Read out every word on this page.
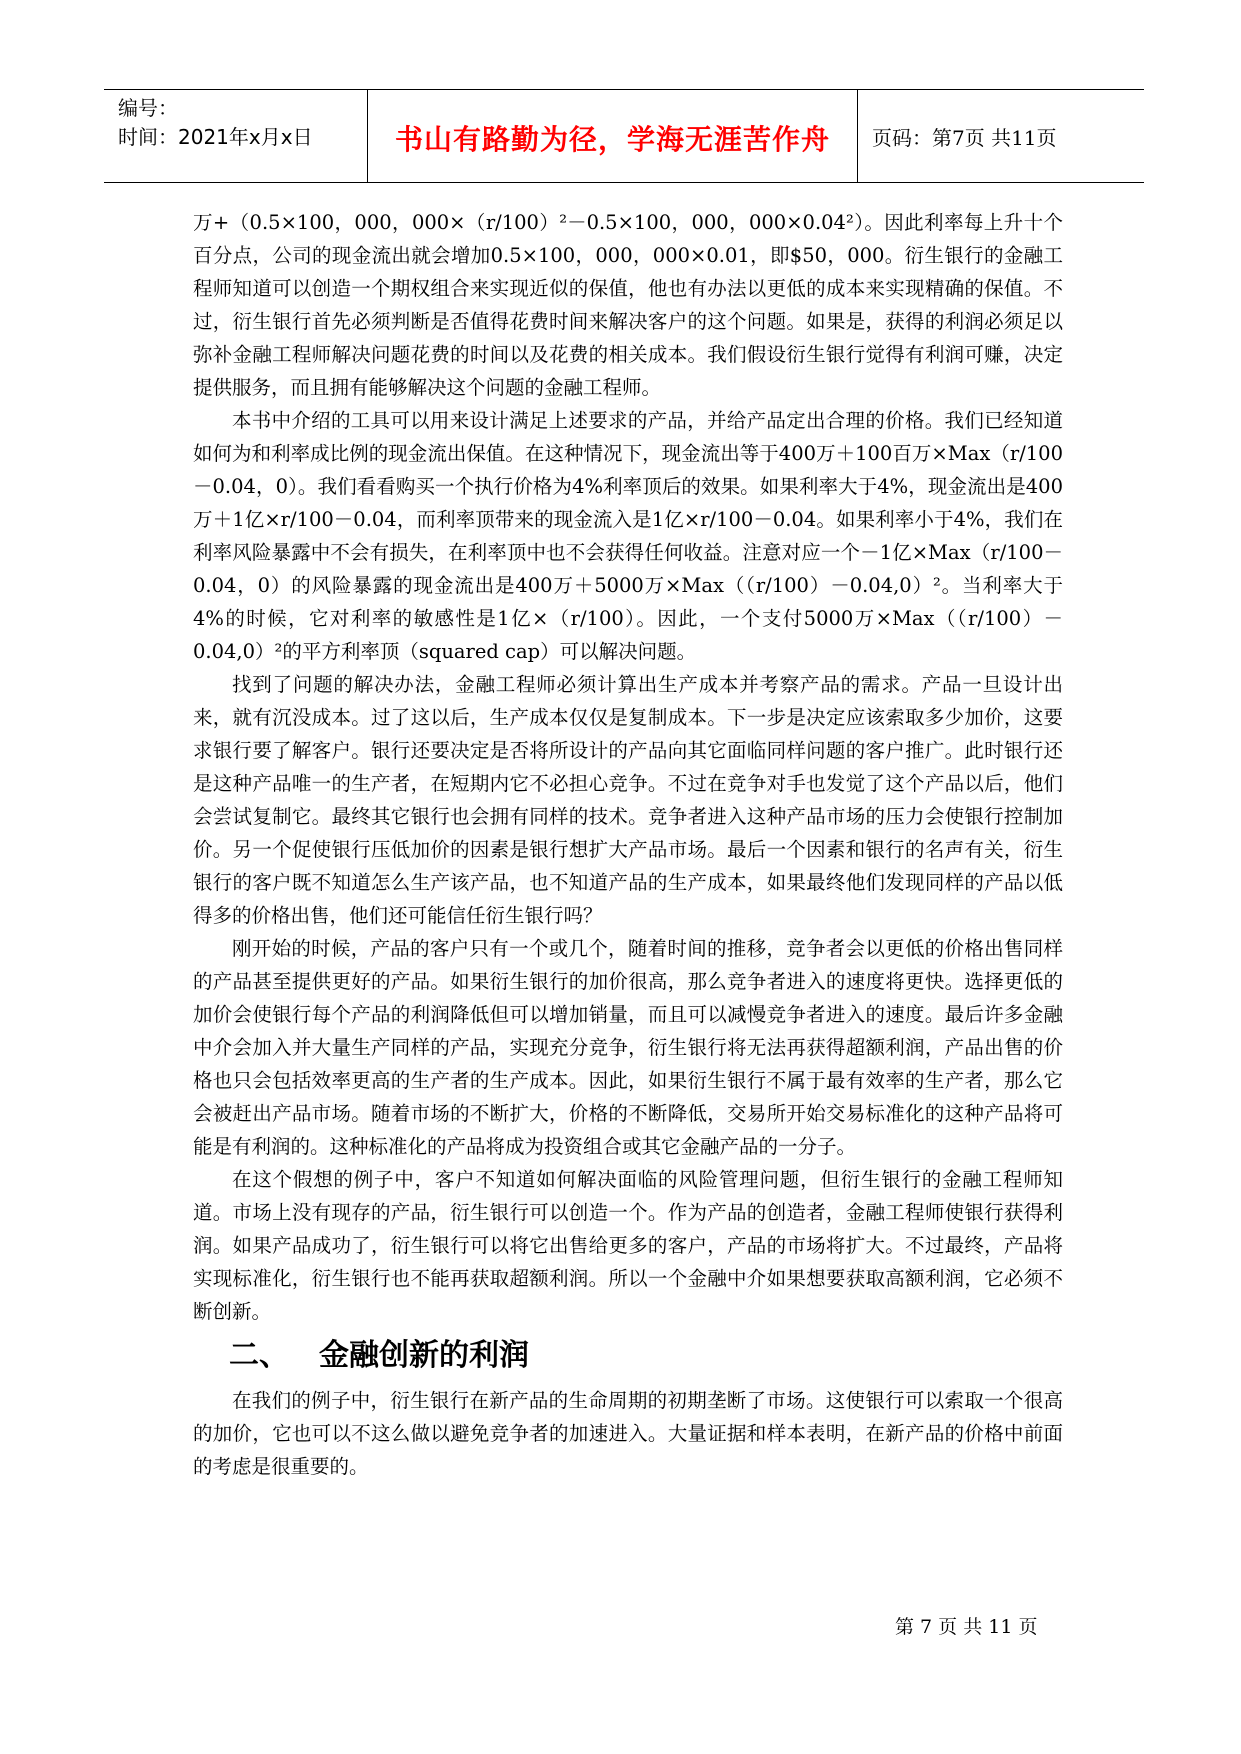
编号：
时间：2021年x月x日	书山有路勤为径，学海无涯苦作舟 页码：第7页 共11页

万+（0.5×100，000，000×（r/100）²－0.5×100，000，000×0.04²）。因此利率每上升十个百分点，公司的现金流出就会增加0.5×100，000，000×0.01，即$50，000。衍生银行的金融工程师知道可以创造一个期权组合来实现近似的保值，他也有办法以更低的成本来实现精确的保值。不过，衍生银行首先必须判断是否值得花费时间来解决客户的这个问题。如果是，获得的利润必须足以弥补金融工程师解决问题花费的时间以及花费的相关成本。我们假设衍生银行觉得有利润可赚，决定提供服务，而且拥有能够解决这个问题的金融工程师。

本书中介绍的工具可以用来设计满足上述要求的产品，并给产品定出合理的价格。我们已经知道如何为和利率成比例的现金流出保值。在这种情况下，现金流出等于400万＋100百万×Max（r/100－0.04，0）。我们看看购买一个执行价格为4%利率顶后的效果。如果利率大于4%，现金流出是400万＋1亿×r/100－0.04，而利率顶带来的现金流入是1亿×r/100－0.04。如果利率小于4%，我们在利率风险暴露中不会有损失，在利率顶中也不会获得任何收益。注意对应一个－1亿×Max（r/100－0.04，0）的风险暴露的现金流出是400万＋5000万×Max（（r/100）－0.04,0）²。当利率大于4%的时候，它对利率的敏感性是1亿×（r/100）。因此，一个支付5000万×Max（（r/100）－0.04,0）²的平方利率顶（squared cap）可以解决问题。

找到了问题的解决办法，金融工程师必须计算出生产成本并考察产品的需求。产品一旦设计出来，就有沉没成本。过了这以后，生产成本仅仅是复制成本。下一步是决定应该索取多少加价，这要求银行要了解客户。银行还要决定是否将所设计的产品向其它面临同样问题的客户推广。此时银行还是这种产品唯一的生产者，在短期内它不必担心竞争。不过在竞争对手也发觉了这个产品以后，他们会尝试复制它。最终其它银行也会拥有同样的技术。竞争者进入这种产品市场的压力会使银行控制加价。另一个促使银行压低加价的因素是银行想扩大产品市场。最后一个因素和银行的名声有关，衍生银行的客户既不知道怎么生产该产品，也不知道产品的生产成本，如果最终他们发现同样的产品以低得多的价格出售，他们还可能信任衍生银行吗？

刚开始的时候，产品的客户只有一个或几个，随着时间的推移，竞争者会以更低的价格出售同样的产品甚至提供更好的产品。如果衍生银行的加价很高，那么竞争者进入的速度将更快。选择更低的加价会使银行每个产品的利润降低但可以增加销量，而且可以减慢竞争者进入的速度。最后许多金融中介会加入并大量生产同样的产品，实现充分竞争，衍生银行将无法再获得超额利润，产品出售的价格也只会包括效率更高的生产者的生产成本。因此，如果衍生银行不属于最有效率的生产者，那么它会被赶出产品市场。随着市场的不断扩大，价格的不断降低，交易所开始交易标准化的这种产品将可能是有利润的。这种标准化的产品将成为投资组合或其它金融产品的一分子。

在这个假想的例子中，客户不知道如何解决面临的风险管理问题，但衍生银行的金融工程师知道。市场上没有现存的产品，衍生银行可以创造一个。作为产品的创造者，金融工程师使银行获得利润。如果产品成功了，衍生银行可以将它出售给更多的客户，产品的市场将扩大。不过最终，产品将实现标准化，衍生银行也不能再获取超额利润。所以一个金融中介如果想要获取高额利润，它必须不断创新。

二、 金融创新的利润

在我们的例子中，衍生银行在新产品的生命周期的初期垄断了市场。这使银行可以索取一个很高的加价，它也可以不这么做以避免竞争者的加速进入。大量证据和样本表明，在新产品的价格中前面的考虑是很重要的。

第 7 页 共 11 页
